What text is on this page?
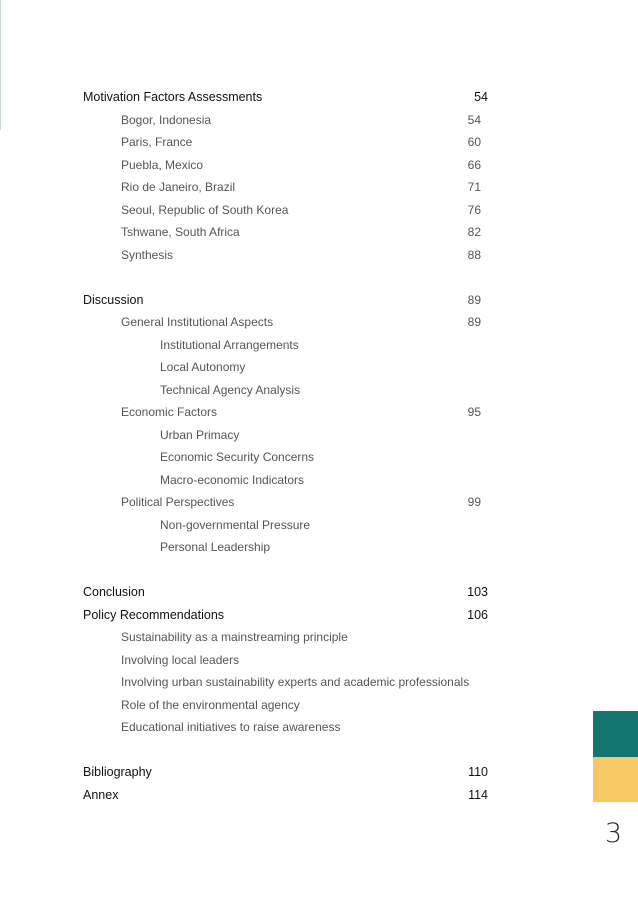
Motivation Factors Assessments	54
Bogor, Indonesia	54
Paris, France	60
Puebla, Mexico	66
Rio de Janeiro, Brazil	71
Seoul, Republic of South Korea	76
Tshwane, South Africa	82
Synthesis	88
Discussion	89
General Institutional Aspects	89
Institutional Arrangements
Local Autonomy
Technical Agency Analysis
Economic Factors	95
Urban Primacy
Economic Security Concerns
Macro-economic Indicators
Political Perspectives	99
Non-governmental Pressure
Personal Leadership
Conclusion	103
Policy Recommendations	106
Sustainability as a mainstreaming principle
Involving local leaders
Involving urban sustainability experts and academic professionals
Role of the environmental agency
Educational initiatives to raise awareness
Bibliography	110
Annex	114
3
